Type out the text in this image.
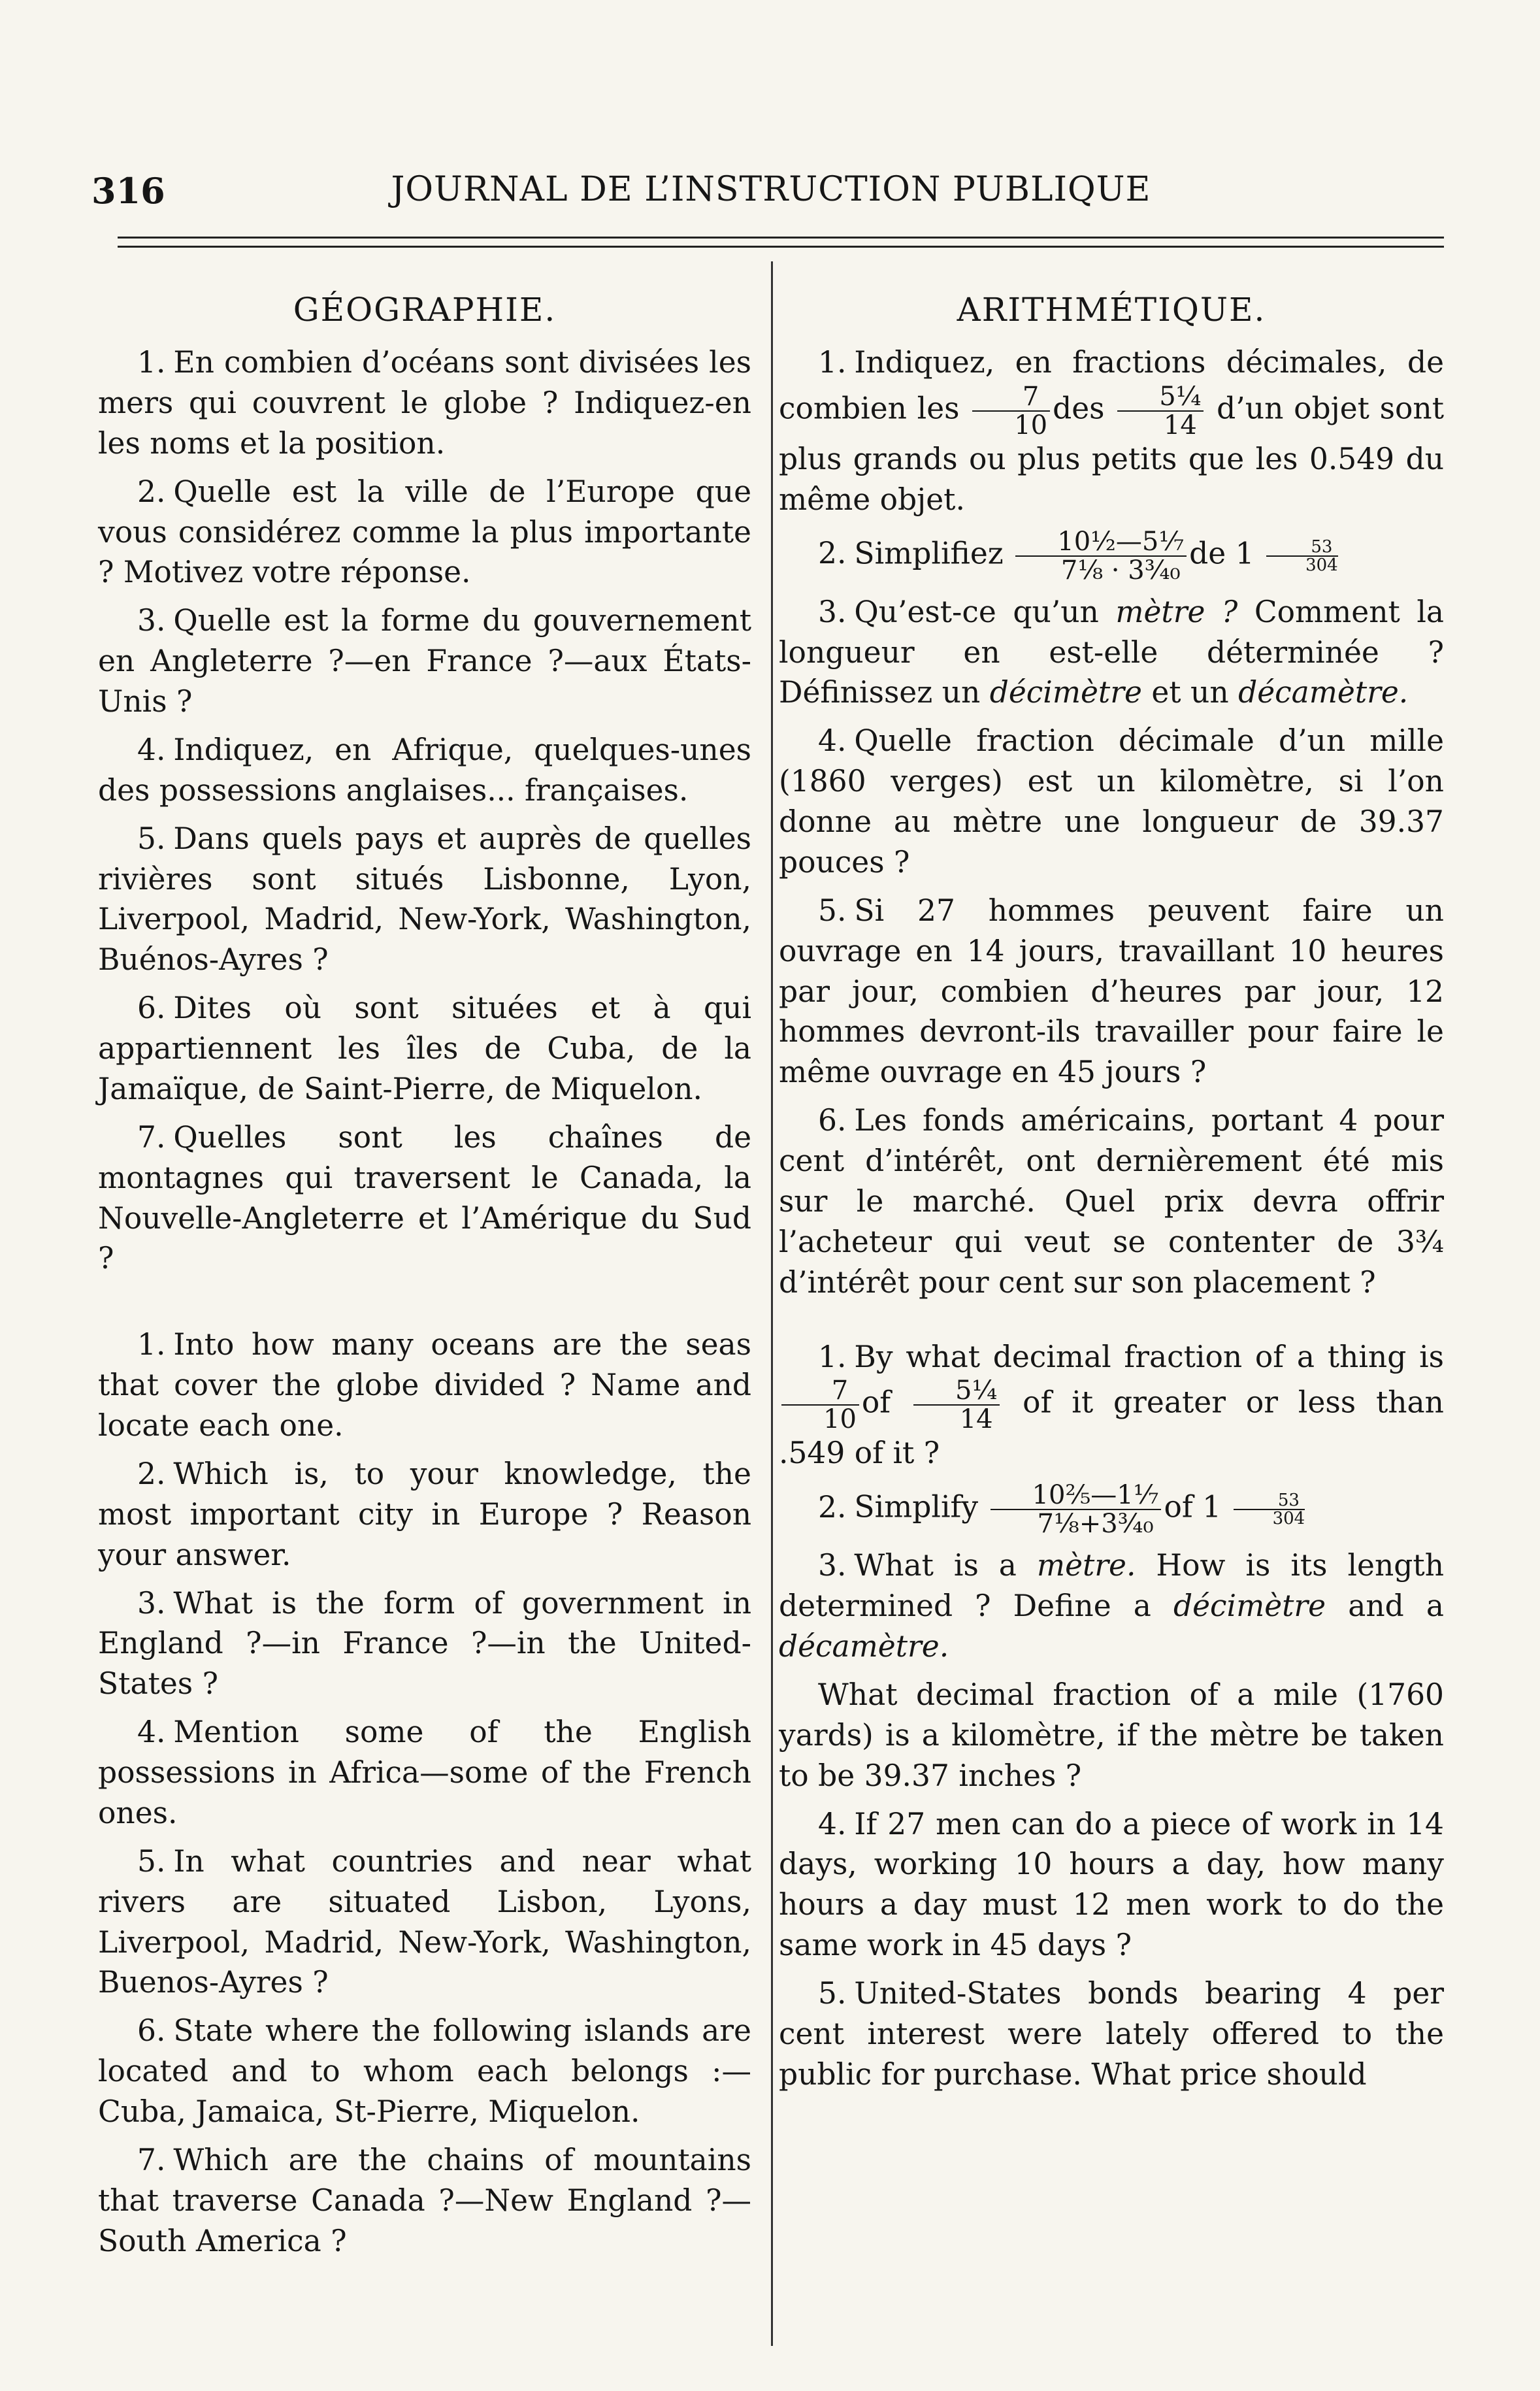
316	JOURNAL DE L’INSTRUCTION PUBLIQUE
GÉOGRAPHIE.

1. En combien d’océans sont divisées les mers qui couvrent le globe ? Indiquez-en les noms et la position.

2. Quelle est la ville de l’Europe que vous considérez comme la plus importante ? Motivez votre réponse.

3. Quelle est la forme du gouvernement en Angleterre ?—en France ?—aux États-Unis ?

4. Indiquez, en Afrique, quelques-unes des possessions anglaises... françaises.

5. Dans quels pays et auprès de quelles rivières sont situés Lisbonne, Lyon, Liverpool, Madrid, New-York, Washington, Buénos-Ayres ?

6. Dites où sont situées et à qui appartiennent les îles de Cuba, de la Jamaïque, de Saint-Pierre, de Miquelon.

7. Quelles sont les chaînes de montagnes qui traversent le Canada, la Nouvelle-Angleterre et l’Amérique du Sud ?

1. Into how many oceans are the seas that cover the globe divided ? Name and locate each one.

2. Which is, to your knowledge, the most important city in Europe ? Reason your answer.

3. What is the form of government in England ?—in France ?—in the United-States ?

4. Mention some of the English possessions in Africa—some of the French ones.

5. In what countries and near what rivers are situated Lisbon, Lyons, Liverpool, Madrid, New-York, Washington, Buenos-Ayres ?

6. State where the following islands are located and to whom each belongs :— Cuba, Jamaica, St-Pierre, Miquelon.

7. Which are the chains of mountains that traverse Canada ?—New England ?— South America ?

ARITHMÉTIQUE.

1. Indiquez, en fractions décimales, de combien les $\frac{7}{10}$ des $\frac{\text{5¼}}{14}$ d’un objet sont plus grands ou plus petits que les 0.549 du même objet.

2. Simplifiez $\frac{\text{10½—5⅐}}{\text{7⅛ · 3¾₀}}$ de $1 \frac{53}{304}$

3. Qu’est-ce qu’un mètre ? Comment la longueur en est-elle déterminée ? Définissez un décimètre et un décamètre.

4. Quelle fraction décimale d’un mille (1860 verges) est un kilomètre, si l’on donne au mètre une longueur de 39.37 pouces ?

5. Si 27 hommes peuvent faire un ouvrage en 14 jours, travaillant 10 heures par jour, combien d’heures par jour, 12 hommes devront-ils travailler pour faire le même ouvrage en 45 jours ?

6. Les fonds américains, portant 4 pour cent d’intérêt, ont dernièrement été mis sur le marché. Quel prix devra offrir l’acheteur qui veut se contenter de 3¾ d’intérêt pour cent sur son placement ?

1. By what decimal fraction of a thing is
$\frac{7}{10}$ of $\frac{\text{5¼}}{14}$ of it greater or less than .549 of it ?

2. Simplify $\frac{\text{10⅖—1⅐}}{\text{7⅛+3¾₀}}$ of $1 \frac{53}{304}$

3. What is a mètre. How is its length determined ? Define a décimètre and a décamètre.

What decimal fraction of a mile (1760 yards) is a kilomètre, if the mètre be taken to be 39.37 inches ?

4. If 27 men can do a piece of work in 14 days, working 10 hours a day, how many hours a day must 12 men work to do the same work in 45 days ?

5. United-States bonds bearing 4 per cent interest were lately offered to the public for purchase. What price should
